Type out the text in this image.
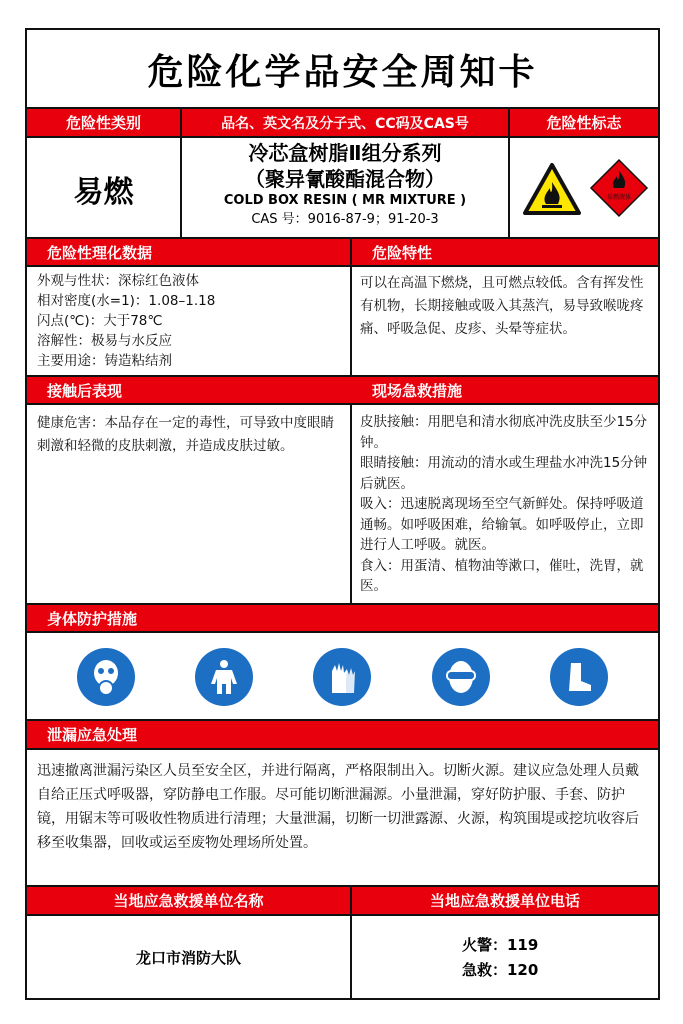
危险化学品安全周知卡
危险性类别	品名、英文名及分子式、CC码及CAS号	危险性标志
易燃
冷芯盒树脂Ⅱ组分系列
（聚异氰酸酯混合物）
COLD BOX RESIN ( MR MIXTURE )
CAS 号：9016-87-9；91-20-3
易燃液体
危险性理化数据	危险特性
外观与性状：深棕红色液体
相对密度(水=1)：1.08–1.18
闪点(℃)：大于78℃
溶解性：极易与水反应
主要用途：铸造粘结剂
可以在高温下燃烧，且可燃点较低。含有挥发性有机物，长期接触或吸入其蒸汽，易导致喉咙疼痛、呼吸急促、皮疹、头晕等症状。
接触后表现	现场急救措施
健康危害：本品存在一定的毒性，可导致中度眼睛刺激和轻微的皮肤刺激，并造成皮肤过敏。
皮肤接触：用肥皂和清水彻底冲洗皮肤至少15分钟。
眼睛接触：用流动的清水或生理盐水冲洗15分钟后就医。
吸入：迅速脱离现场至空气新鲜处。保持呼吸道通畅。如呼吸困难，给输氧。如呼吸停止，立即进行人工呼吸。就医。
食入：用蛋清、植物油等漱口，催吐，洗胃，就医。
身体防护措施
泄漏应急处理
迅速撤离泄漏污染区人员至安全区，并进行隔离，严格限制出入。切断火源。建议应急处理人员戴自给正压式呼吸器，穿防静电工作服。尽可能切断泄漏源。小量泄漏，穿好防护服、手套、防护镜，用锯末等可吸收性物质进行清理；大量泄漏，切断一切泄露源、火源，构筑围堤或挖坑收容后移至收集器，回收或运至废物处理场所处置。
当地应急救援单位名称	当地应急救援单位电话
龙口市消防大队
火警：119
急救：120
